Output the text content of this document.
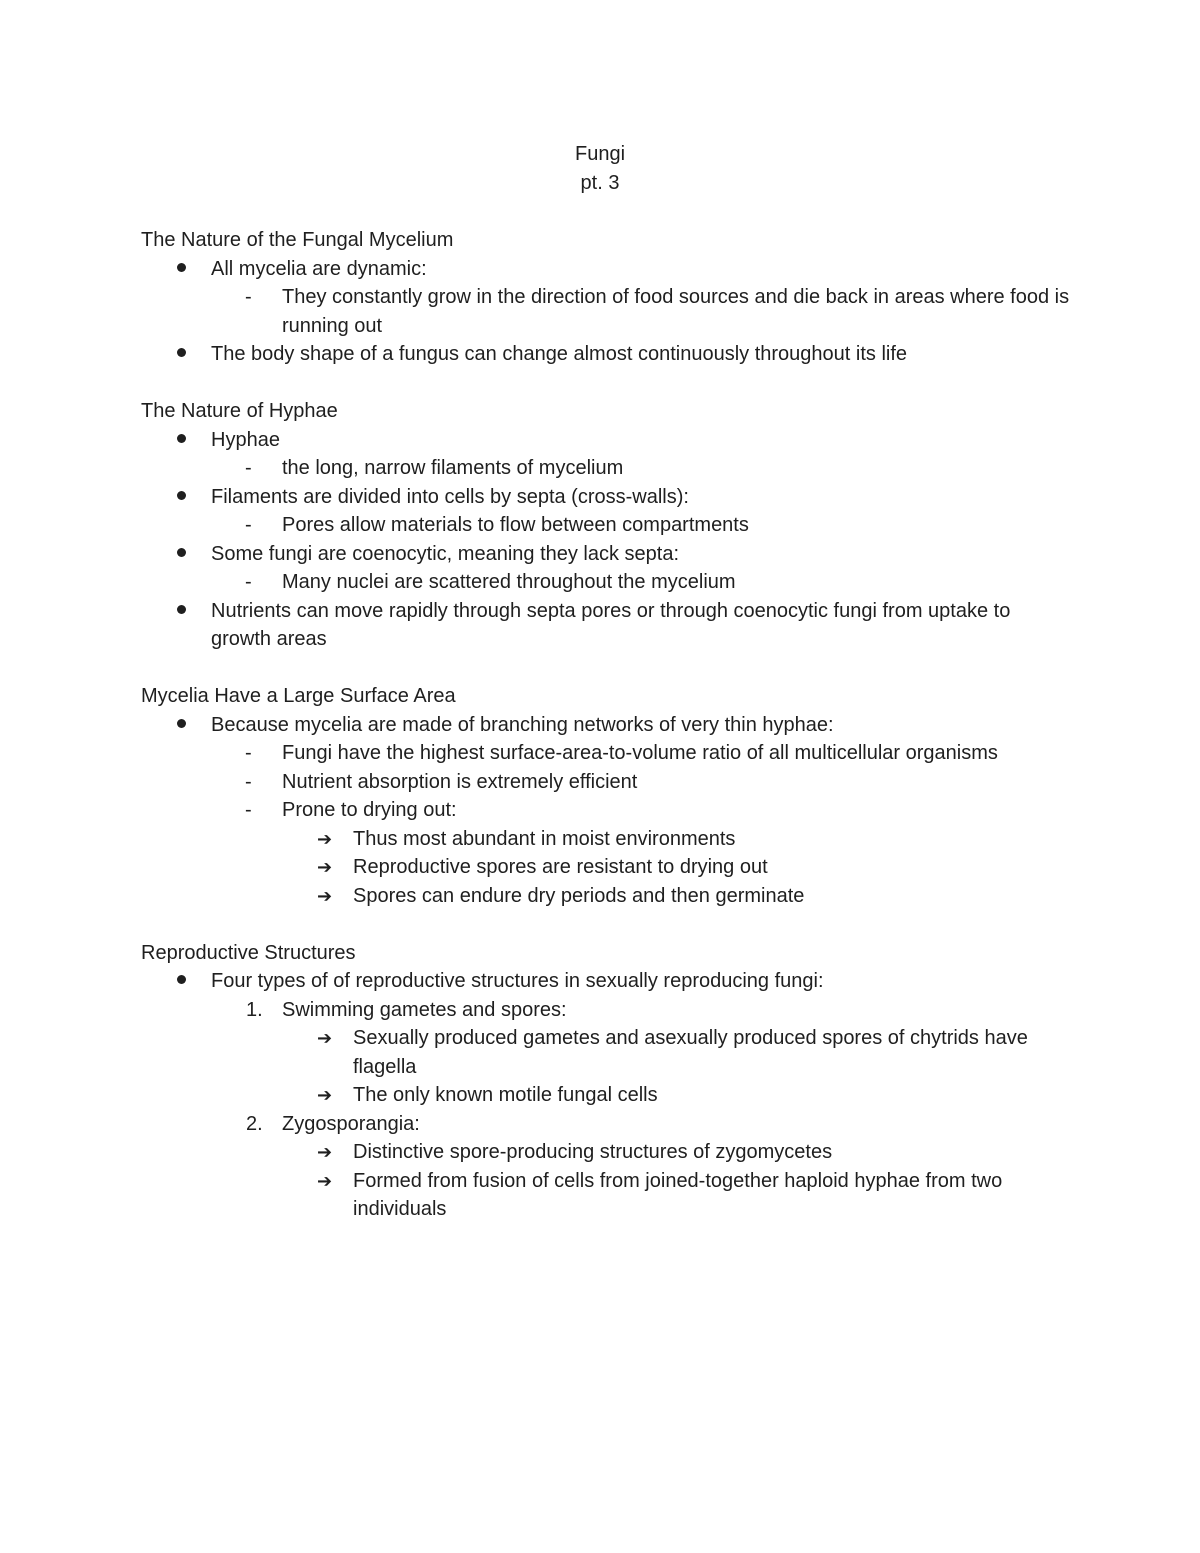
Fungi
pt. 3
The Nature of the Fungal Mycelium
All mycelia are dynamic:
- They constantly grow in the direction of food sources and die back in areas where food is running out
The body shape of a fungus can change almost continuously throughout its life
The Nature of Hyphae
Hyphae
- the long, narrow filaments of mycelium
Filaments are divided into cells by septa (cross-walls):
- Pores allow materials to flow between compartments
Some fungi are coenocytic, meaning they lack septa:
- Many nuclei are scattered throughout the mycelium
Nutrients can move rapidly through septa pores or through coenocytic fungi from uptake to growth areas
Mycelia Have a Large Surface Area
Because mycelia are made of branching networks of very thin hyphae:
- Fungi have the highest surface-area-to-volume ratio of all multicellular organisms
- Nutrient absorption is extremely efficient
- Prone to drying out:
➔ Thus most abundant in moist environments
➔ Reproductive spores are resistant to drying out
➔ Spores can endure dry periods and then germinate
Reproductive Structures
Four types of of reproductive structures in sexually reproducing fungi:
1. Swimming gametes and spores:
➔ Sexually produced gametes and asexually produced spores of chytrids have flagella
➔ The only known motile fungal cells
2. Zygosporangia:
➔ Distinctive spore-producing structures of zygomycetes
➔ Formed from fusion of cells from joined-together haploid hyphae from two individuals
